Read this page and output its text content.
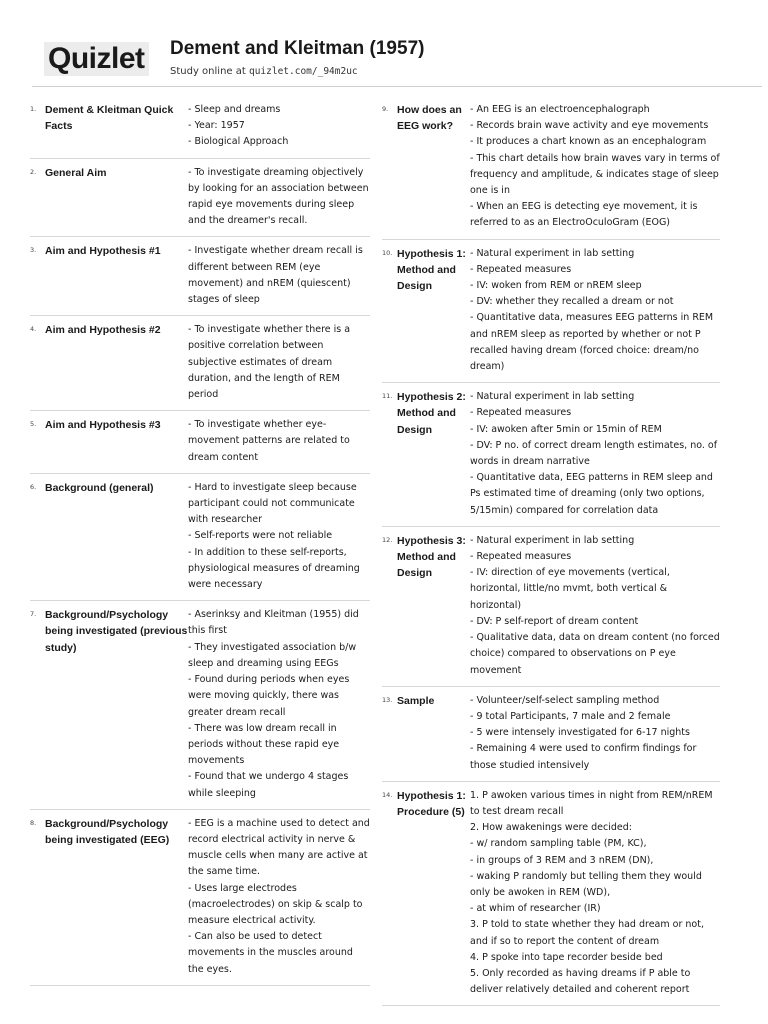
Quizlet Dement and Kleitman (1957)
Study online at quizlet.com/_94m2uc
1. Dement & Kleitman Quick Facts
- Sleep and dreams
- Year: 1957
- Biological Approach
2. General Aim	- To investigate dreaming objectively by looking for an association between rapid eye movements during sleep and the dreamer's recall.
3. Aim and Hypothesis #1	- Investigate whether dream recall is different between REM (eye movement) and nREM (quiescent) stages of sleep
4. Aim and Hypothesis #2	- To investigate whether there is a positive correlation between subjective estimates of dream duration, and the length of REM period
5. Aim and Hypothesis #3	- To investigate whether eye-movement patterns are related to dream content
6. Background (general)	- Hard to investigate sleep because participant could not communicate with researcher
- Self-reports were not reliable
- In addition to these self-reports, physiological measures of dreaming were necessary
7. Background/Psychology being investigated (previous study)
- Aserinksy and Kleitman (1955) did this first
- They investigated association b/w sleep and dreaming using EEGs
- Found during periods when eyes were moving quickly, there was greater dream recall
- There was low dream recall in periods without these rapid eye movements
- Found that we undergo 4 stages while sleeping
8. Background/Psychology being investigated (EEG)
- EEG is a machine used to detect and record electrical activity in nerve & muscle cells when many are active at the same time.
- Uses large electrodes (macroelectrodes) on skip & scalp to measure electrical activity.
- Can also be used to detect movements in the muscles around the eyes.
9. How does an EEG work?
- An EEG is an electroencephalograph
- Records brain wave activity and eye movements
- It produces a chart known as an encephalogram
- This chart details how brain waves vary in terms of frequency and amplitude, & indicates stage of sleep one is in
- When an EEG is detecting eye movement, it is referred to as an ElectroOculoGram (EOG)
10. Hypothesis 1: Method and Design
- Natural experiment in lab setting
- Repeated measures
- IV: woken from REM or nREM sleep
- DV: whether they recalled a dream or not
- Quantitative data, measures EEG patterns in REM and nREM sleep as reported by whether or not P recalled having dream (forced choice: dream/no dream)
11. Hypothesis 2: Method and Design
- Natural experiment in lab setting
- Repeated measures
- IV: awoken after 5min or 15min of REM
- DV: P no. of correct dream length estimates, no. of words in dream narrative
- Quantitative data, EEG patterns in REM sleep and Ps estimated time of dreaming (only two options, 5/15min) compared for correlation data
12. Hypothesis 3: Method and Design
- Natural experiment in lab setting
- Repeated measures
- IV: direction of eye movements (vertical, horizontal, little/no mvmt, both vertical & horizontal)
- DV: P self-report of dream content
- Qualitative data, data on dream content (no forced choice) compared to observations on P eye movement
13. Sample	- Volunteer/self-select sampling method
- 9 total Participants, 7 male and 2 female
- 5 were intensely investigated for 6-17 nights
- Remaining 4 were used to confirm findings for those studied intensively
14. Hypothesis 1: Procedure (5)
1. P awoken various times in night from REM/nREM to test dream recall
2. How awakenings were decided:
- w/ random sampling table (PM, KC),
- in groups of 3 REM and 3 nREM (DN),
- waking P randomly but telling them they would only be awoken in REM (WD),
- at whim of researcher (IR)
3. P told to state whether they had dream or not, and if so to report the content of dream
4. P spoke into tape recorder beside bed
5. Only recorded as having dreams if P able to deliver relatively detailed and coherent report
